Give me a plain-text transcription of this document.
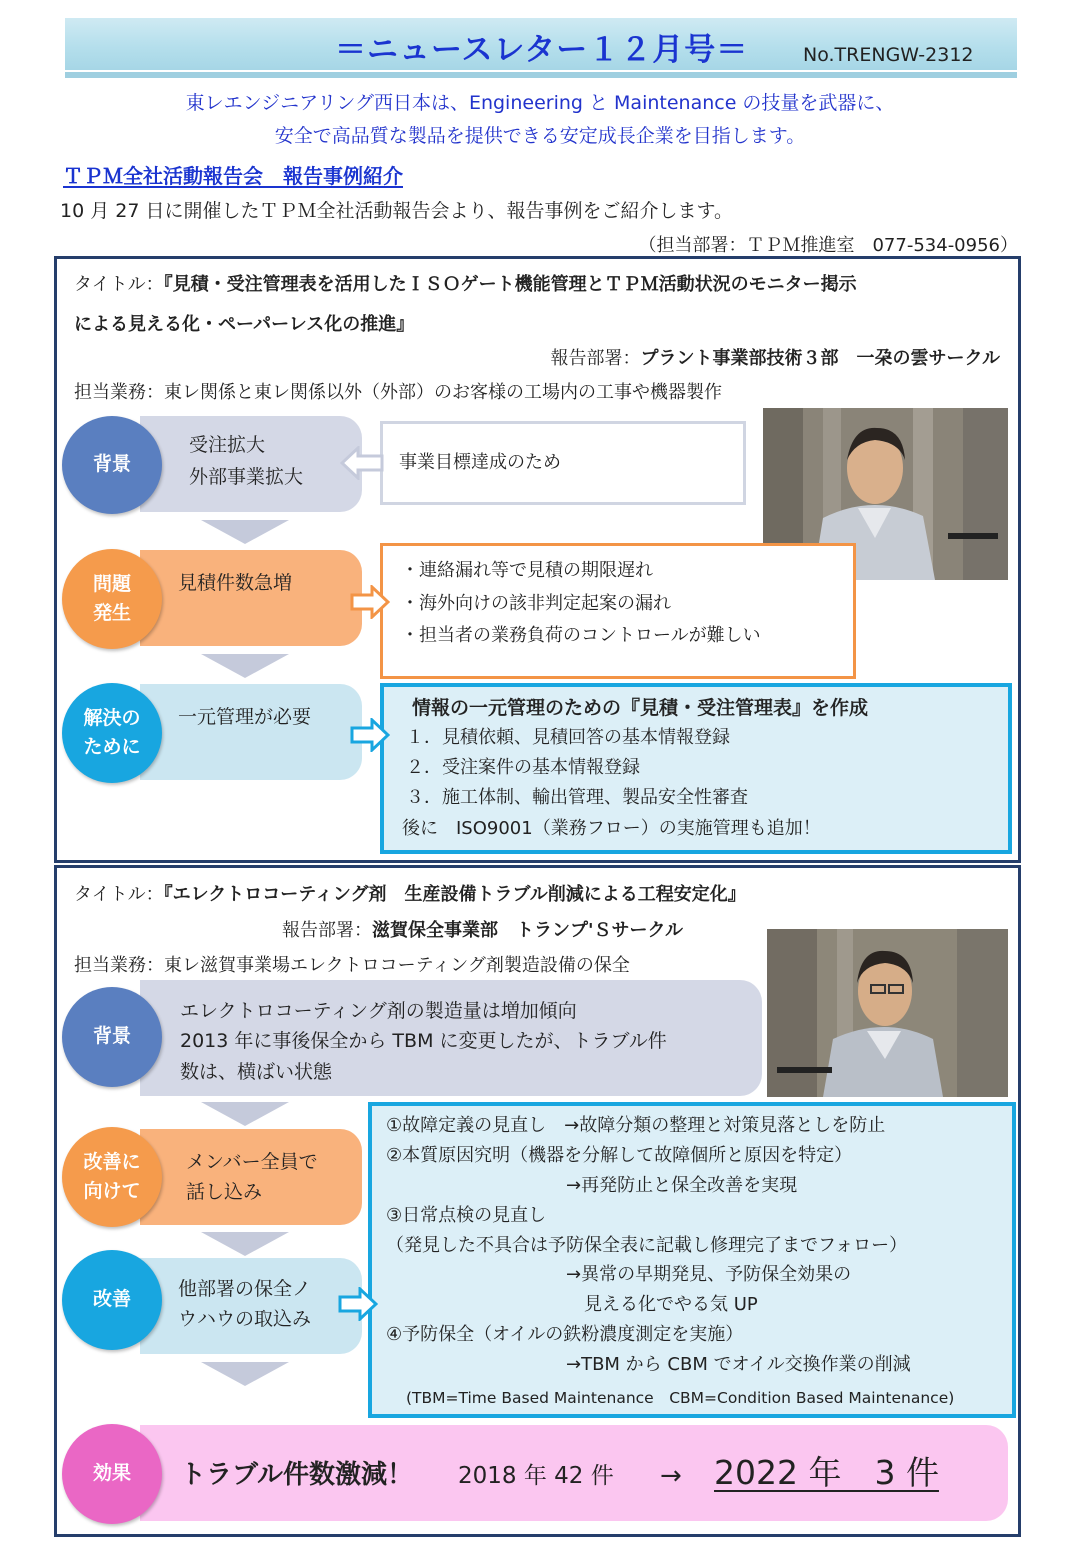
＝ニュースレター１２月号＝	No.TRENGW-2312
東レエンジニアリング西日本は、Engineering と Maintenance の技量を武器に、
安全で高品質な製品を提供できる安定成長企業を目指します。
ＴＰＭ全社活動報告会　報告事例紹介
10 月 27 日に開催したＴＰＭ全社活動報告会より、報告事例をご紹介します。
（担当部署：ＴＰＭ推進室　077-534-0956）
タイトル：『見積・受注管理表を活用したＩＳＯゲート機能管理とＴＰＭ活動状況のモニター掲示
による見える化・ペーパーレス化の推進』
報告部署：プラント事業部技術３部　一朶の雲サークル
担当業務：東レ関係と東レ関係以外（外部）のお客様の工場内の工事や機器製作
受注拡大
外部事業拡大
背景	事業目標達成のため
見積件数急増
問題
発生
・連絡漏れ等で見積の期限遅れ
・海外向けの該非判定起案の漏れ
・担当者の業務負荷のコントロールが難しい
一元管理が必要
解決の
ために
情報の一元管理のための『見積・受注管理表』を作成
１．見積依頼、見積回答の基本情報登録
２．受注案件の基本情報登録
３．施工体制、輸出管理、製品安全性審査
後に　ISO9001（業務フロー）の実施管理も追加！
タイトル：『エレクトロコーティング剤　生産設備トラブル削減による工程安定化』
報告部署：滋賀保全事業部　トランプ'Ｓサークル
担当業務：東レ滋賀事業場エレクトロコーティング剤製造設備の保全
エレクトロコーティング剤の製造量は増加傾向
2013 年に事後保全から TBM に変更したが、トラブル件
数は、横ばい状態
背景
メンバー全員で
話し込み
改善に
向けて
他部署の保全ノ
ウハウの取込み
改善
①故障定義の見直し　→故障分類の整理と対策見落としを防止
②本質原因究明（機器を分解して故障個所と原因を特定）
　　　　　　　　　　→再発防止と保全改善を実現
③日常点検の見直し
（発見した不具合は予防保全表に記載し修理完了までフォロー）
　　　　　　　　　　→異常の早期発見、予防保全効果の
　　　　　　　　　　　見える化でやる気 UP
④予防保全（オイルの鉄粉濃度測定を実施）
　　　　　　　　　　→TBM から CBM でオイル交換作業の削減
(TBM=Time Based Maintenance　CBM=Condition Based Maintenance)
トラブル件数激減！ 2018 年 42 件 → 2022 年　3 件
効果
